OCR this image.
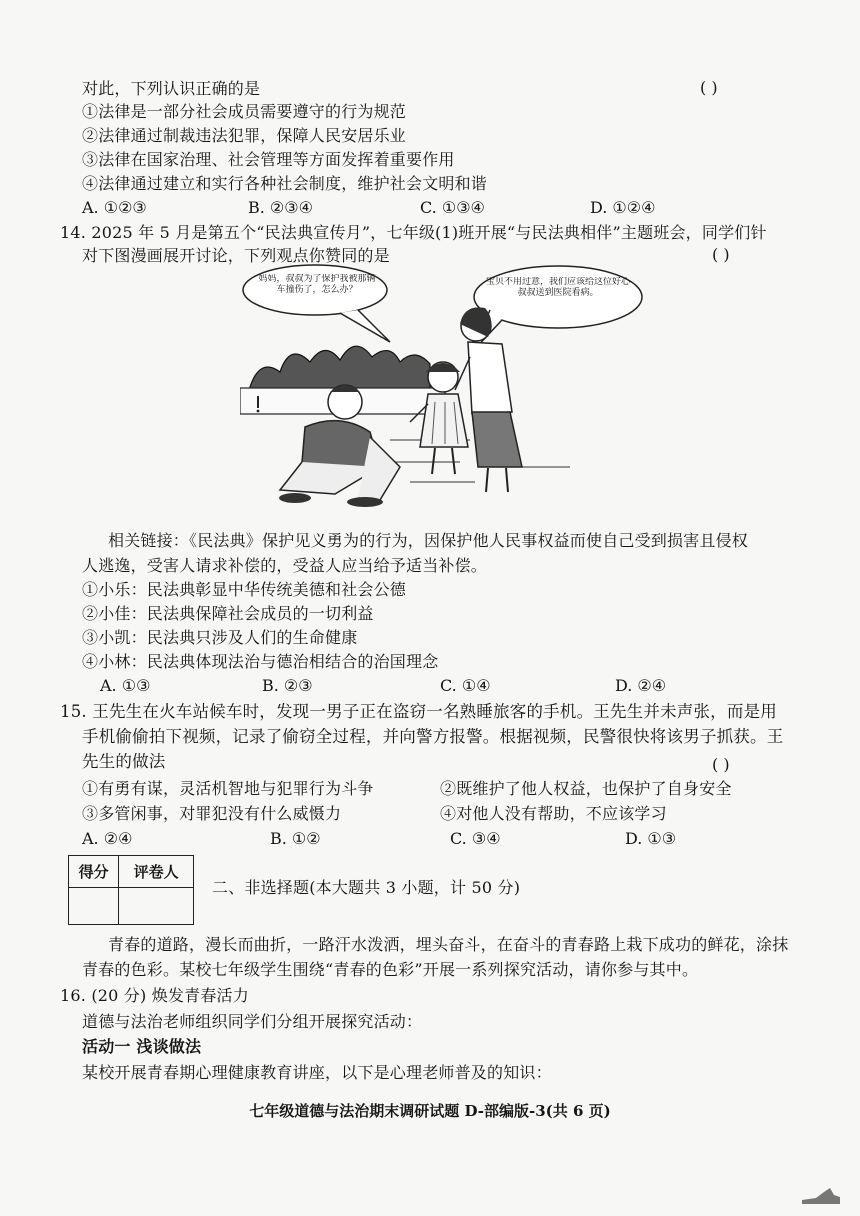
对此，下列认识正确的是	( )
①法律是一部分社会成员需要遵守的行为规范
②法律通过制裁违法犯罪，保障人民安居乐业
③法律在国家治理、社会管理等方面发挥着重要作用
④法律通过建立和实行各种社会制度，维护社会文明和谐
A. ①②③	B. ②③④	C. ①③④	D. ①②④
14. 2025 年 5 月是第五个“民法典宣传月”，七年级(1)班开展“与民法典相伴”主题班会，同学们针
对下图漫画展开讨论，下列观点你赞同的是	( )
妈妈，叔叔为了保护我被那辆车撞伤了，怎么办？
宝贝不用过意，我们应该给这位好心叔叔送到医院看病。
相关链接：《民法典》保护见义勇为的行为，因保护他人民事权益而使自己受到损害且侵权
人逃逸，受害人请求补偿的，受益人应当给予适当补偿。
①小乐：民法典彰显中华传统美德和社会公德
②小佳：民法典保障社会成员的一切利益
③小凯：民法典只涉及人们的生命健康
④小林：民法典体现法治与德治相结合的治国理念
A. ①③	B. ②③	C. ①④	D. ②④
15. 王先生在火车站候车时，发现一男子正在盗窃一名熟睡旅客的手机。王先生并未声张，而是用
手机偷偷拍下视频，记录了偷窃全过程，并向警方报警。根据视频，民警很快将该男子抓获。王
先生的做法
①有勇有谋，灵活机智地与犯罪行为斗争	②既维护了他人权益，也保护了自身安全
( )
③多管闲事，对罪犯没有什么威慑力	④对他人没有帮助，不应该学习
A. ②④	B. ①②	C. ③④	D. ①③
得分	评卷人

二、非选择题(本大题共 3 小题，计 50 分)
青春的道路，漫长而曲折，一路汗水泼洒，埋头奋斗，在奋斗的青春路上栽下成功的鲜花，涂抹
青春的色彩。某校七年级学生围绕“青春的色彩”开展一系列探究活动，请你参与其中。
16. (20 分) 焕发青春活力
道德与法治老师组织同学们分组开展探究活动：
活动一 浅谈做法
某校开展青春期心理健康教育讲座，以下是心理老师普及的知识：
七年级道德与法治期末调研试题 D-部编版-3(共 6 页)
